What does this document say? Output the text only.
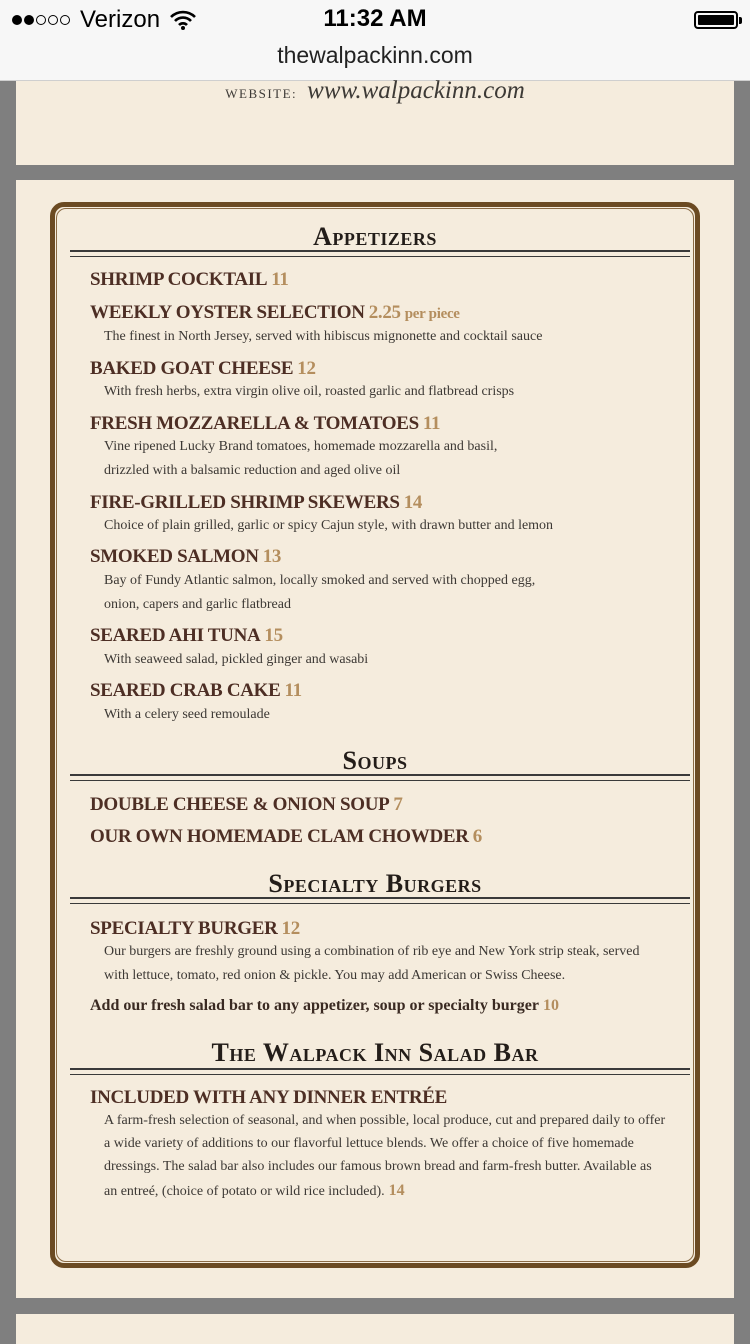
Verizon	11:32 AM
thewalpackinn.com
WEBSITE: www.walpackinn.com
Appetizers
SHRIMP COCKTAIL 11
WEEKLY OYSTER SELECTION 2.25 per piece
The finest in North Jersey, served with hibiscus mignonette and cocktail sauce
BAKED GOAT CHEESE 12
With fresh herbs, extra virgin olive oil, roasted garlic and flatbread crisps
FRESH MOZZARELLA & TOMATOES 11
Vine ripened Lucky Brand tomatoes, homemade mozzarella and basil,
drizzled with a balsamic reduction and aged olive oil
FIRE-GRILLED SHRIMP SKEWERS 14
Choice of plain grilled, garlic or spicy Cajun style, with drawn butter and lemon
SMOKED SALMON 13
Bay of Fundy Atlantic salmon, locally smoked and served with chopped egg,
onion, capers and garlic flatbread
SEARED AHI TUNA 15
With seaweed salad, pickled ginger and wasabi
SEARED CRAB CAKE 11
With a celery seed remoulade
Soups
DOUBLE CHEESE & ONION SOUP 7
OUR OWN HOMEMADE CLAM CHOWDER 6
Specialty Burgers
SPECIALTY BURGER 12
Our burgers are freshly ground using a combination of rib eye and New York strip steak, served
with lettuce, tomato, red onion & pickle. You may add American or Swiss Cheese.
Add our fresh salad bar to any appetizer, soup or specialty burger 10
The Walpack Inn Salad Bar
INCLUDED WITH ANY DINNER ENTRÉE
A farm-fresh selection of seasonal, and when possible, local produce, cut and prepared daily to offer
a wide variety of additions to our flavorful lettuce blends. We offer a choice of five homemade
dressings. The salad bar also includes our famous brown bread and farm-fresh butter. Available as
an entreé, (choice of potato or wild rice included). 14
